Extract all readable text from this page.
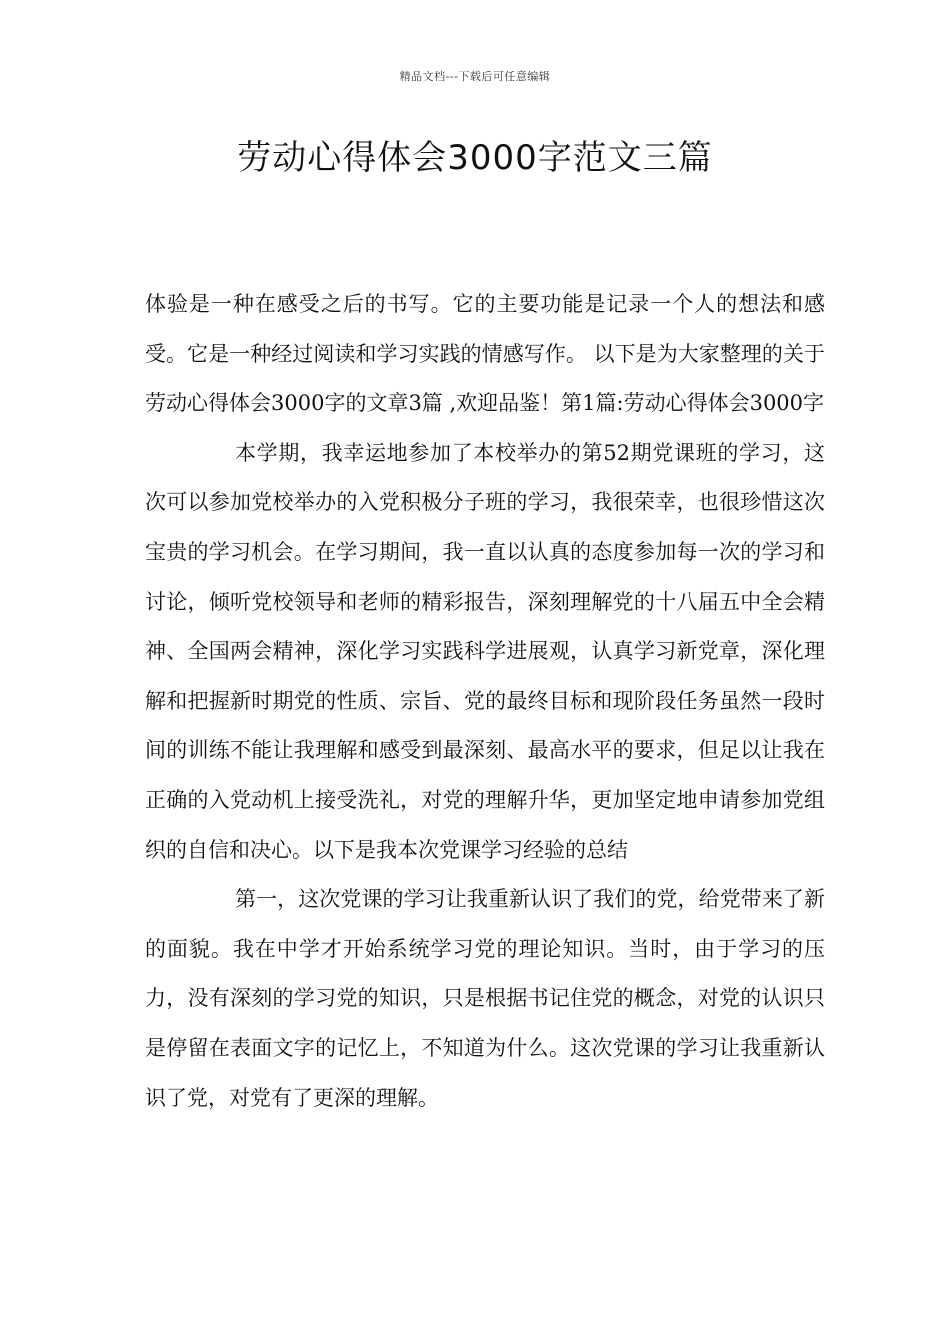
精品文档---下载后可任意编辑
劳动心得体会3000字范文三篇

体验是一种在感受之后的书写。它的主要功能是记录一个人的想法和感受。它是一种经过阅读和学习实践的情感写作。 以下是为大家整理的关于劳动心得体会3000字的文章3篇 ,欢迎品鉴！第1篇:劳动心得体会3000字

本学期，我幸运地参加了本校举办的第52期党课班的学习，这次可以参加党校举办的入党积极分子班的学习，我很荣幸，也很珍惜这次宝贵的学习机会。在学习期间，我一直以认真的态度参加每一次的学习和讨论，倾听党校领导和老师的精彩报告，深刻理解党的十八届五中全会精神、全国两会精神，深化学习实践科学进展观，认真学习新党章，深化理解和把握新时期党的性质、宗旨、党的最终目标和现阶段任务虽然一段时间的训练不能让我理解和感受到最深刻、最高水平的要求，但足以让我在正确的入党动机上接受洗礼，对党的理解升华，更加坚定地申请参加党组织的自信和决心。以下是我本次党课学习经验的总结

第一，这次党课的学习让我重新认识了我们的党，给党带来了新的面貌。我在中学才开始系统学习党的理论知识。当时，由于学习的压力，没有深刻的学习党的知识，只是根据书记住党的概念，对党的认识只是停留在表面文字的记忆上，不知道为什么。这次党课的学习让我重新认识了党，对党有了更深的理解。
